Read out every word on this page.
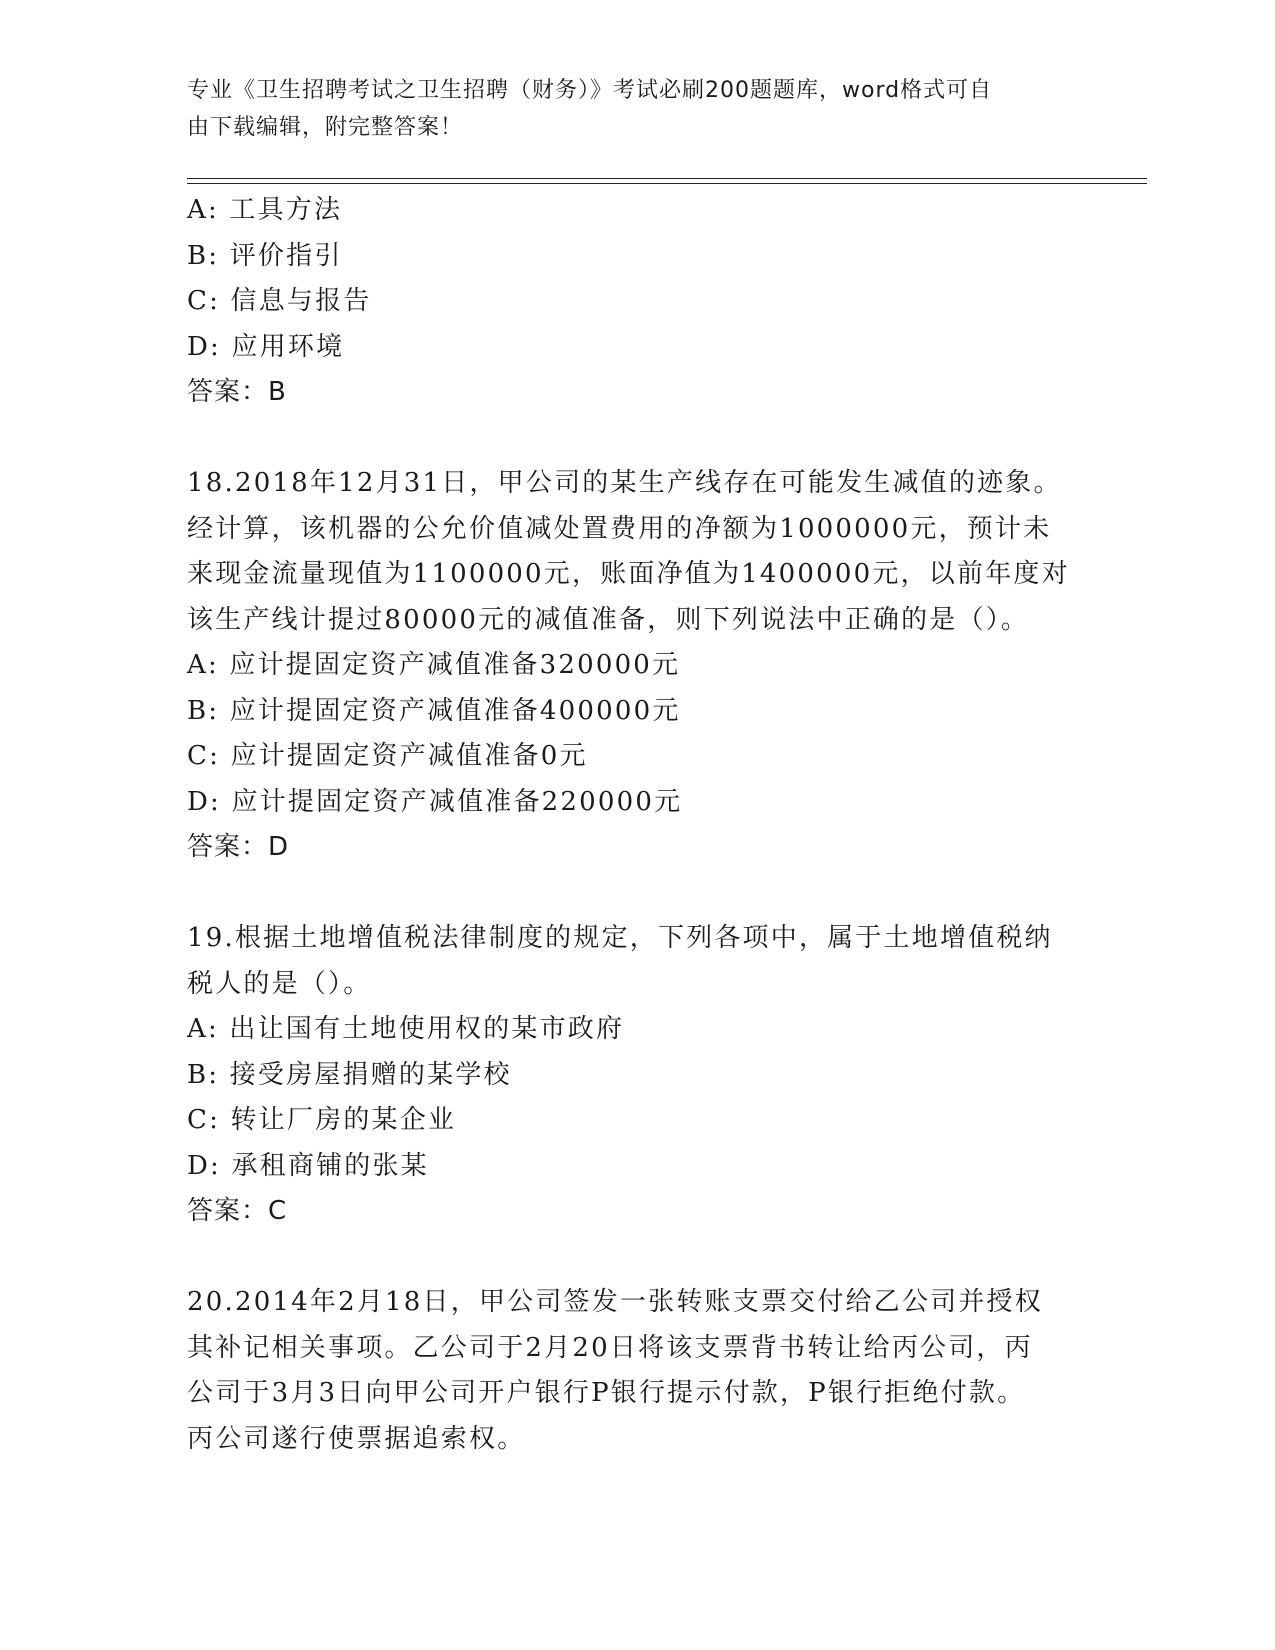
专业《卫生招聘考试之卫生招聘（财务）》考试必刷200题题库，word格式可自
由下载编辑，附完整答案！
A: 工具方法
B: 评价指引
C: 信息与报告
D: 应用环境
答案：B
18.2018年12月31日，甲公司的某生产线存在可能发生减值的迹象。
经计算，该机器的公允价值减处置费用的净额为1000000元，预计未
来现金流量现值为1100000元，账面净值为1400000元，以前年度对
该生产线计提过80000元的减值准备，则下列说法中正确的是（）。
A: 应计提固定资产减值准备320000元
B: 应计提固定资产减值准备400000元
C: 应计提固定资产减值准备0元
D: 应计提固定资产减值准备220000元
答案：D
19.根据土地增值税法律制度的规定，下列各项中，属于土地增值税纳
税人的是（）。
A: 出让国有土地使用权的某市政府
B: 接受房屋捐赠的某学校
C: 转让厂房的某企业
D: 承租商铺的张某
答案：C
20.2014年2月18日，甲公司签发一张转账支票交付给乙公司并授权
其补记相关事项。乙公司于2月20日将该支票背书转让给丙公司，丙
公司于3月3日向甲公司开户银行P银行提示付款，P银行拒绝付款。
丙公司遂行使票据追索权。
